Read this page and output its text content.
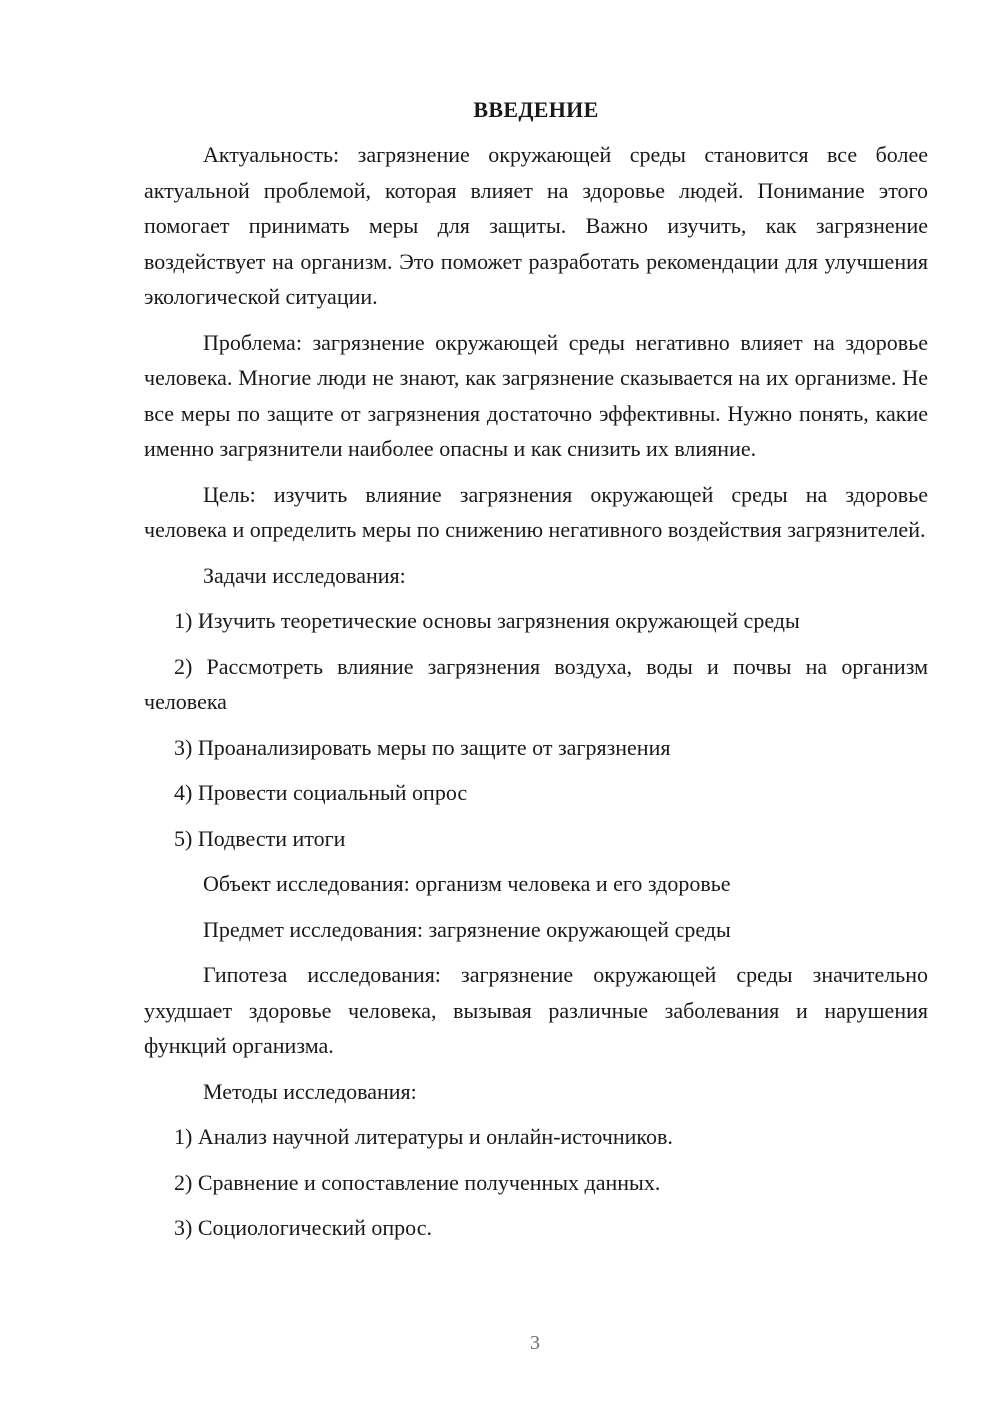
ВВЕДЕНИЕ

Актуальность: загрязнение окружающей среды становится все более актуальной проблемой, которая влияет на здоровье людей. Понимание этого помогает принимать меры для защиты. Важно изучить, как загрязнение воздействует на организм. Это поможет разработать рекомендации для улучшения экологической ситуации.

Проблема: загрязнение окружающей среды негативно влияет на здоровье человека. Многие люди не знают, как загрязнение сказывается на их организме. Не все меры по защите от загрязнения достаточно эффективны. Нужно понять, какие именно загрязнители наиболее опасны и как снизить их влияние.

Цель: изучить влияние загрязнения окружающей среды на здоровье человека и определить меры по снижению негативного воздействия загрязнителей.

Задачи исследования:

1) Изучить теоретические основы загрязнения окружающей среды

2) Рассмотреть влияние загрязнения воздуха, воды и почвы на организм человека

3) Проанализировать меры по защите от загрязнения

4) Провести социальный опрос

5) Подвести итоги

Объект исследования: организм человека и его здоровье

Предмет исследования: загрязнение окружающей среды

Гипотеза исследования: загрязнение окружающей среды значительно ухудшает здоровье человека, вызывая различные заболевания и нарушения функций организма.

Методы исследования:

1) Анализ научной литературы и онлайн-источников.

2) Сравнение и сопоставление полученных данных.

3) Социологический опрос.

3
